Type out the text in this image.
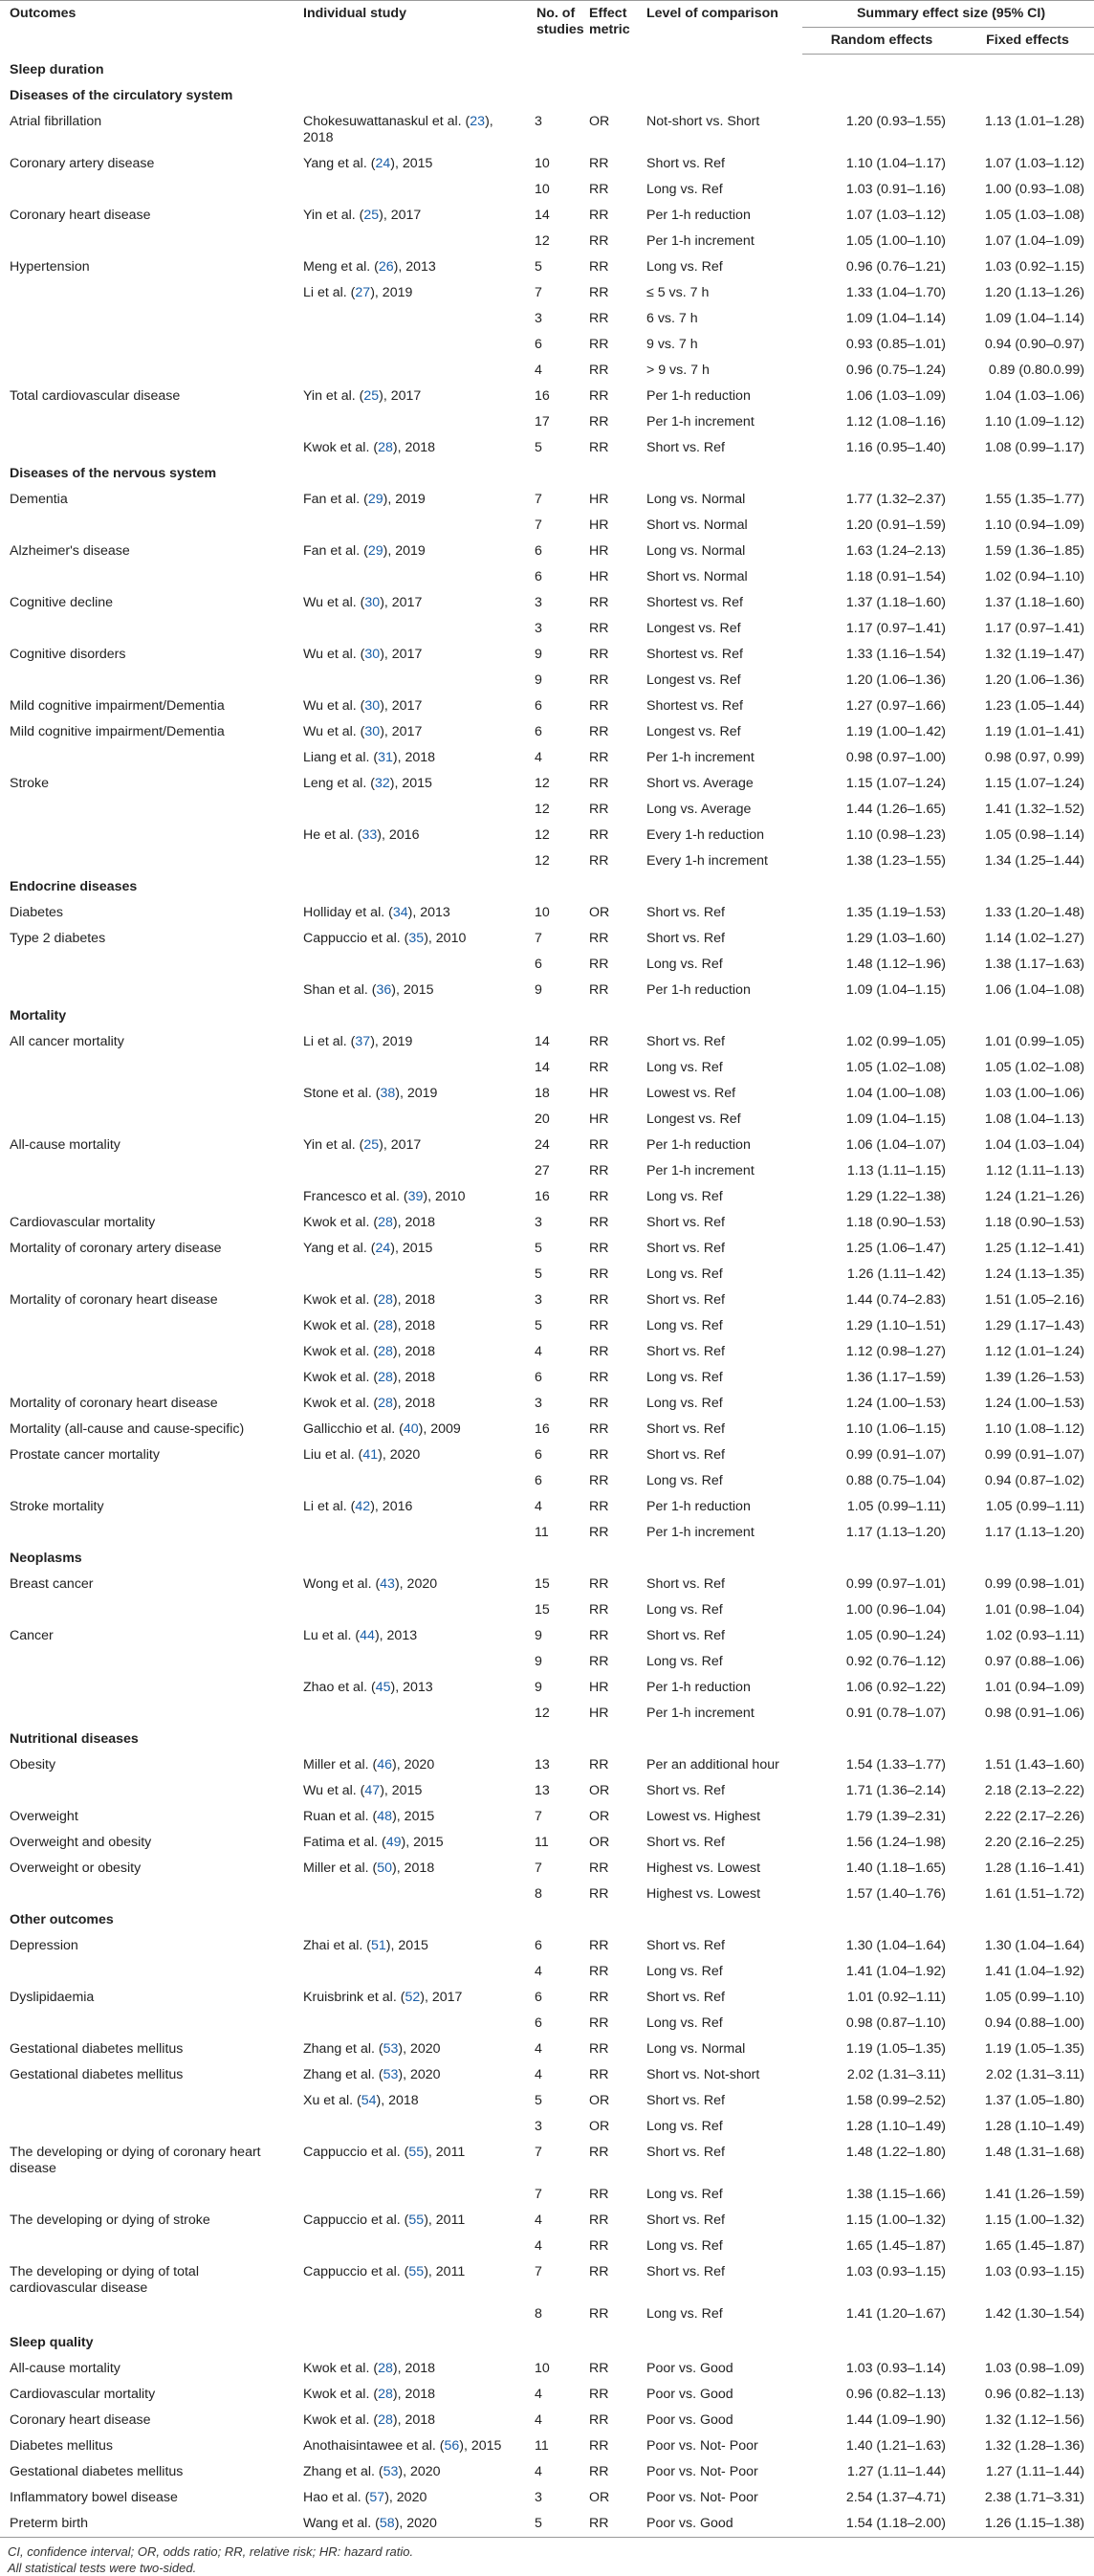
Outcomes	Individual study	No. of studies	Effect metric	Level of comparison	Summary effect size (95% CI)	
					Random effects	Fixed effects
Sleep duration						
Diseases of the circulatory system						
Atrial fibrillation	Chokesuwattanaskul et al. (23), 2018	3	OR	Not-short vs. Short	1.20 (0.93–1.55)	1.13 (1.01–1.28)
Coronary artery disease	Yang et al. (24), 2015	10	RR	Short vs. Ref	1.10 (1.04–1.17)	1.07 (1.03–1.12)
		10	RR	Long vs. Ref	1.03 (0.91–1.16)	1.00 (0.93–1.08)
Coronary heart disease	Yin et al. (25), 2017	14	RR	Per 1-h reduction	1.07 (1.03–1.12)	1.05 (1.03–1.08)
		12	RR	Per 1-h increment	1.05 (1.00–1.10)	1.07 (1.04–1.09)
Hypertension	Meng et al. (26), 2013	5	RR	Long vs. Ref	0.96 (0.76–1.21)	1.03 (0.92–1.15)
	Li et al. (27), 2019	7	RR	≤ 5 vs. 7 h	1.33 (1.04–1.70)	1.20 (1.13–1.26)
		3	RR	6 vs. 7 h	1.09 (1.04–1.14)	1.09 (1.04–1.14)
		6	RR	9 vs. 7 h	0.93 (0.85–1.01)	0.94 (0.90–0.97)
		4	RR	> 9 vs. 7 h	0.96 (0.75–1.24)	0.89 (0.80.0.99)
Total cardiovascular disease	Yin et al. (25), 2017	16	RR	Per 1-h reduction	1.06 (1.03–1.09)	1.04 (1.03–1.06)
		17	RR	Per 1-h increment	1.12 (1.08–1.16)	1.10 (1.09–1.12)
	Kwok et al. (28), 2018	5	RR	Short vs. Ref	1.16 (0.95–1.40)	1.08 (0.99–1.17)
Diseases of the nervous system						
Dementia	Fan et al. (29), 2019	7	HR	Long vs. Normal	1.77 (1.32–2.37)	1.55 (1.35–1.77)
		7	HR	Short vs. Normal	1.20 (0.91–1.59)	1.10 (0.94–1.09)
Alzheimer's disease	Fan et al. (29), 2019	6	HR	Long vs. Normal	1.63 (1.24–2.13)	1.59 (1.36–1.85)
		6	HR	Short vs. Normal	1.18 (0.91–1.54)	1.02 (0.94–1.10)
Cognitive decline	Wu et al. (30), 2017	3	RR	Shortest vs. Ref	1.37 (1.18–1.60)	1.37 (1.18–1.60)
		3	RR	Longest vs. Ref	1.17 (0.97–1.41)	1.17 (0.97–1.41)
Cognitive disorders	Wu et al. (30), 2017	9	RR	Shortest vs. Ref	1.33 (1.16–1.54)	1.32 (1.19–1.47)
		9	RR	Longest vs. Ref	1.20 (1.06–1.36)	1.20 (1.06–1.36)
Mild cognitive impairment/Dementia	Wu et al. (30), 2017	6	RR	Shortest vs. Ref	1.27 (0.97–1.66)	1.23 (1.05–1.44)
Mild cognitive impairment/Dementia	Wu et al. (30), 2017	6	RR	Longest vs. Ref	1.19 (1.00–1.42)	1.19 (1.01–1.41)
	Liang et al. (31), 2018	4	RR	Per 1-h increment	0.98 (0.97–1.00)	0.98 (0.97, 0.99)
Stroke	Leng et al. (32), 2015	12	RR	Short vs. Average	1.15 (1.07–1.24)	1.15 (1.07–1.24)
		12	RR	Long vs. Average	1.44 (1.26–1.65)	1.41 (1.32–1.52)
	He et al. (33), 2016	12	RR	Every 1-h reduction	1.10 (0.98–1.23)	1.05 (0.98–1.14)
		12	RR	Every 1-h increment	1.38 (1.23–1.55)	1.34 (1.25–1.44)
Endocrine diseases						
Diabetes	Holliday et al. (34), 2013	10	OR	Short vs. Ref	1.35 (1.19–1.53)	1.33 (1.20–1.48)
Type 2 diabetes	Cappuccio et al. (35), 2010	7	RR	Short vs. Ref	1.29 (1.03–1.60)	1.14 (1.02–1.27)
		6	RR	Long vs. Ref	1.48 (1.12–1.96)	1.38 (1.17–1.63)
	Shan et al. (36), 2015	9	RR	Per 1-h reduction	1.09 (1.04–1.15)	1.06 (1.04–1.08)
Mortality						
All cancer mortality	Li et al. (37), 2019	14	RR	Short vs. Ref	1.02 (0.99–1.05)	1.01 (0.99–1.05)
		14	RR	Long vs. Ref	1.05 (1.02–1.08)	1.05 (1.02–1.08)
	Stone et al. (38), 2019	18	HR	Lowest vs. Ref	1.04 (1.00–1.08)	1.03 (1.00–1.06)
		20	HR	Longest vs. Ref	1.09 (1.04–1.15)	1.08 (1.04–1.13)
All-cause mortality	Yin et al. (25), 2017	24	RR	Per 1-h reduction	1.06 (1.04–1.07)	1.04 (1.03–1.04)
		27	RR	Per 1-h increment	1.13 (1.11–1.15)	1.12 (1.11–1.13)
	Francesco et al. (39), 2010	16	RR	Long vs. Ref	1.29 (1.22–1.38)	1.24 (1.21–1.26)
Cardiovascular mortality	Kwok et al. (28), 2018	3	RR	Short vs. Ref	1.18 (0.90–1.53)	1.18 (0.90–1.53)
Mortality of coronary artery disease	Yang et al. (24), 2015	5	RR	Short vs. Ref	1.25 (1.06–1.47)	1.25 (1.12–1.41)
		5	RR	Long vs. Ref	1.26 (1.11–1.42)	1.24 (1.13–1.35)
Mortality of coronary heart disease	Kwok et al. (28), 2018	3	RR	Short vs. Ref	1.44 (0.74–2.83)	1.51 (1.05–2.16)
	Kwok et al. (28), 2018	5	RR	Long vs. Ref	1.29 (1.10–1.51)	1.29 (1.17–1.43)
	Kwok et al. (28), 2018	4	RR	Short vs. Ref	1.12 (0.98–1.27)	1.12 (1.01–1.24)
	Kwok et al. (28), 2018	6	RR	Long vs. Ref	1.36 (1.17–1.59)	1.39 (1.26–1.53)
Mortality of coronary heart disease	Kwok et al. (28), 2018	3	RR	Long vs. Ref	1.24 (1.00–1.53)	1.24 (1.00–1.53)
Mortality (all-cause and cause-specific)	Gallicchio et al. (40), 2009	16	RR	Short vs. Ref	1.10 (1.06–1.15)	1.10 (1.08–1.12)
Prostate cancer mortality	Liu et al. (41), 2020	6	RR	Short vs. Ref	0.99 (0.91–1.07)	0.99 (0.91–1.07)
		6	RR	Long vs. Ref	0.88 (0.75–1.04)	0.94 (0.87–1.02)
Stroke mortality	Li et al. (42), 2016	4	RR	Per 1-h reduction	1.05 (0.99–1.11)	1.05 (0.99–1.11)
		11	RR	Per 1-h increment	1.17 (1.13–1.20)	1.17 (1.13–1.20)
Neoplasms						
Breast cancer	Wong et al. (43), 2020	15	RR	Short vs. Ref	0.99 (0.97–1.01)	0.99 (0.98–1.01)
		15	RR	Long vs. Ref	1.00 (0.96–1.04)	1.01 (0.98–1.04)
Cancer	Lu et al. (44), 2013	9	RR	Short vs. Ref	1.05 (0.90–1.24)	1.02 (0.93–1.11)
		9	RR	Long vs. Ref	0.92 (0.76–1.12)	0.97 (0.88–1.06)
	Zhao et al. (45), 2013	9	HR	Per 1-h reduction	1.06 (0.92–1.22)	1.01 (0.94–1.09)
		12	HR	Per 1-h increment	0.91 (0.78–1.07)	0.98 (0.91–1.06)
Nutritional diseases						
Obesity	Miller et al. (46), 2020	13	RR	Per an additional hour	1.54 (1.33–1.77)	1.51 (1.43–1.60)
	Wu et al. (47), 2015	13	OR	Short vs. Ref	1.71 (1.36–2.14)	2.18 (2.13–2.22)
Overweight	Ruan et al. (48), 2015	7	OR	Lowest vs. Highest	1.79 (1.39–2.31)	2.22 (2.17–2.26)
Overweight and obesity	Fatima et al. (49), 2015	11	OR	Short vs. Ref	1.56 (1.24–1.98)	2.20 (2.16–2.25)
Overweight or obesity	Miller et al. (50), 2018	7	RR	Highest vs. Lowest	1.40 (1.18–1.65)	1.28 (1.16–1.41)
		8	RR	Highest vs. Lowest	1.57 (1.40–1.76)	1.61 (1.51–1.72)
Other outcomes						
Depression	Zhai et al. (51), 2015	6	RR	Short vs. Ref	1.30 (1.04–1.64)	1.30 (1.04–1.64)
		4	RR	Long vs. Ref	1.41 (1.04–1.92)	1.41 (1.04–1.92)
Dyslipidaemia	Kruisbrink et al. (52), 2017	6	RR	Short vs. Ref	1.01 (0.92–1.11)	1.05 (0.99–1.10)
		6	RR	Long vs. Ref	0.98 (0.87–1.10)	0.94 (0.88–1.00)
Gestational diabetes mellitus	Zhang et al. (53), 2020	4	RR	Long vs. Normal	1.19 (1.05–1.35)	1.19 (1.05–1.35)
Gestational diabetes mellitus	Zhang et al. (53), 2020	4	RR	Short vs. Not-short	2.02 (1.31–3.11)	2.02 (1.31–3.11)
	Xu et al. (54), 2018	5	OR	Short vs. Ref	1.58 (0.99–2.52)	1.37 (1.05–1.80)
		3	OR	Long vs. Ref	1.28 (1.10–1.49)	1.28 (1.10–1.49)
The developing or dying of coronary heart disease	Cappuccio et al. (55), 2011	7	RR	Short vs. Ref	1.48 (1.22–1.80)	1.48 (1.31–1.68)
		7	RR	Long vs. Ref	1.38 (1.15–1.66)	1.41 (1.26–1.59)
The developing or dying of stroke	Cappuccio et al. (55), 2011	4	RR	Short vs. Ref	1.15 (1.00–1.32)	1.15 (1.00–1.32)
		4	RR	Long vs. Ref	1.65 (1.45–1.87)	1.65 (1.45–1.87)
The developing or dying of total cardiovascular disease	Cappuccio et al. (55), 2011	7	RR	Short vs. Ref	1.03 (0.93–1.15)	1.03 (0.93–1.15)
		8	RR	Long vs. Ref	1.41 (1.20–1.67)	1.42 (1.30–1.54)
Sleep quality						
All-cause mortality	Kwok et al. (28), 2018	10	RR	Poor vs. Good	1.03 (0.93–1.14)	1.03 (0.98–1.09)
Cardiovascular mortality	Kwok et al. (28), 2018	4	RR	Poor vs. Good	0.96 (0.82–1.13)	0.96 (0.82–1.13)
Coronary heart disease	Kwok et al. (28), 2018	4	RR	Poor vs. Good	1.44 (1.09–1.90)	1.32 (1.12–1.56)
Diabetes mellitus	Anothaisintawee et al. (56), 2015	11	RR	Poor vs. Not- Poor	1.40 (1.21–1.63)	1.32 (1.28–1.36)
Gestational diabetes mellitus	Zhang et al. (53), 2020	4	RR	Poor vs. Not- Poor	1.27 (1.11–1.44)	1.27 (1.11–1.44)
Inflammatory bowel disease	Hao et al. (57), 2020	3	OR	Poor vs. Not- Poor	2.54 (1.37–4.71)	2.38 (1.71–3.31)
Preterm birth	Wang et al. (58), 2020	5	RR	Poor vs. Good	1.54 (1.18–2.00)	1.26 (1.15–1.38)

CI, confidence interval; OR, odds ratio; RR, relative risk; HR: hazard ratio.

All statistical tests were two-sided.
